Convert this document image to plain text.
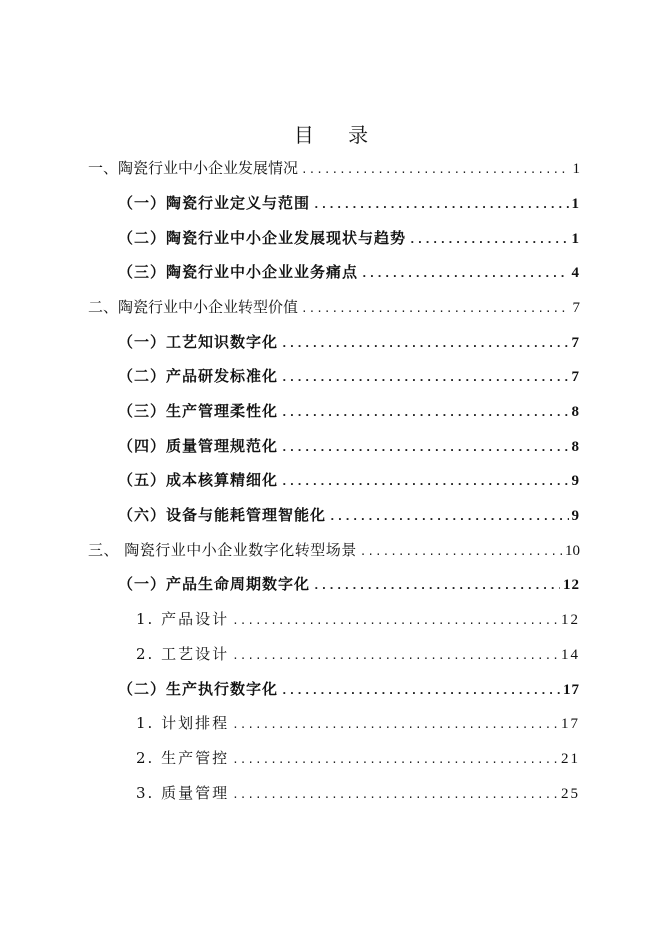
目 录
一、陶瓷行业中小企业发展情况 .....	1
（一）陶瓷行业定义与范围 .....	1
（二）陶瓷行业中小企业发展现状与趋势 .....	1
（三）陶瓷行业中小企业业务痛点 .....	4
二、陶瓷行业中小企业转型价值 .....	7
（一）工艺知识数字化 .....	7
（二）产品研发标准化 .....	7
（三）生产管理柔性化 .....	8
（四）质量管理规范化 .....	8
（五）成本核算精细化 .....	9
（六）设备与能耗管理智能化 .....	9
三、 陶瓷行业中小企业数字化转型场景 .....	10
（一）产品生命周期数字化 .....	12
1. 产品设计 .....	12
2. 工艺设计 .....	14
（二）生产执行数字化 .....	17
1. 计划排程 .....	17
2. 生产管控 .....	21
3. 质量管理 .....	25
